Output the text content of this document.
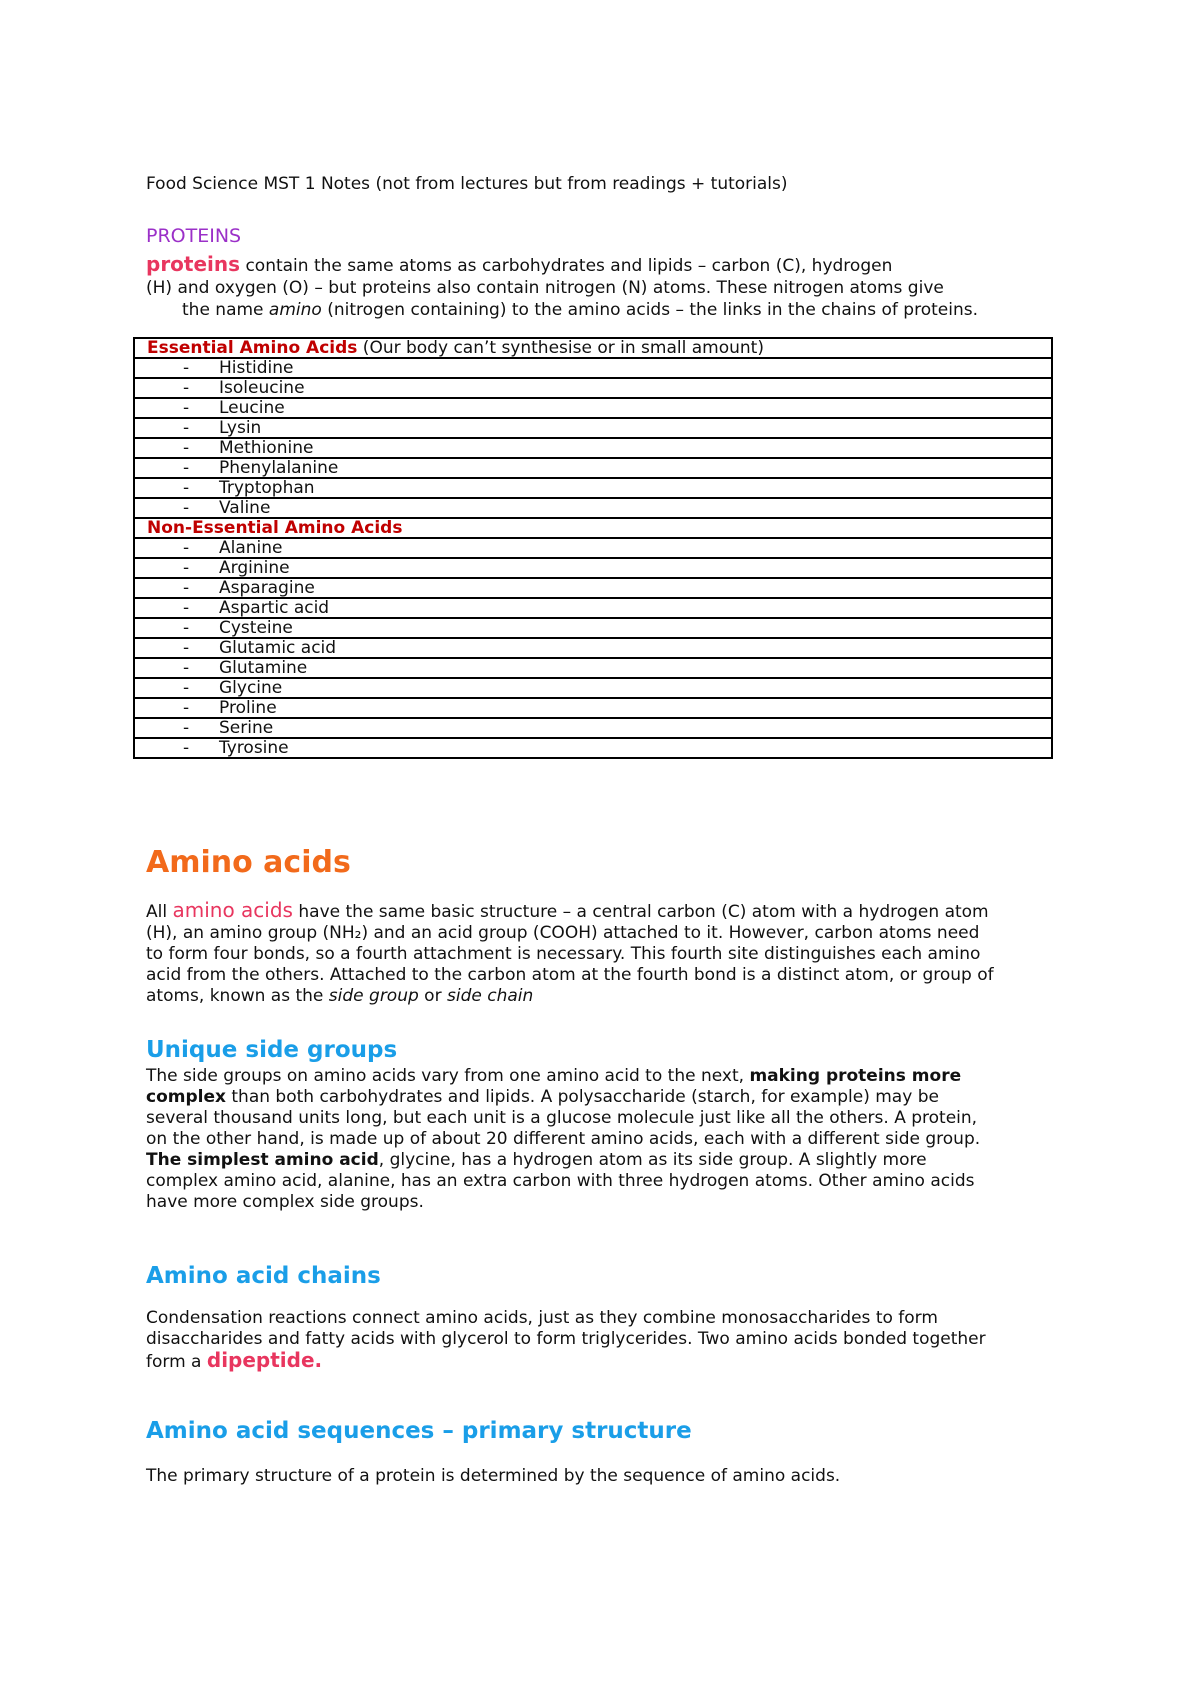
Food Science MST 1 Notes (not from lectures but from readings + tutorials)
PROTEINS
proteins contain the same atoms as carbohydrates and lipids – carbon (C), hydrogen
(H) and oxygen (O) – but proteins also contain nitrogen (N) atoms. These nitrogen atoms give
the name amino (nitrogen containing) to the amino acids – the links in the chains of proteins.
Essential Amino Acids (Our body can’t synthesise or in small amount)
- Histidine
- Isoleucine
- Leucine
- Lysin
- Methionine
- Phenylalanine
- Tryptophan
- Valine
Non-Essential Amino Acids
- Alanine
- Arginine
- Asparagine
- Aspartic acid
- Cysteine
- Glutamic acid
- Glutamine
- Glycine
- Proline
- Serine
- Tyrosine
Amino acids
All amino acids have the same basic structure – a central carbon (C) atom with a hydrogen atom
(H), an amino group (NH₂) and an acid group (COOH) attached to it. However, carbon atoms need
to form four bonds, so a fourth attachment is necessary. This fourth site distinguishes each amino
acid from the others. Attached to the carbon atom at the fourth bond is a distinct atom, or group of
atoms, known as the side group or side chain
Unique side groups
The side groups on amino acids vary from one amino acid to the next, making proteins more
complex than both carbohydrates and lipids. A polysaccharide (starch, for example) may be
several thousand units long, but each unit is a glucose molecule just like all the others. A protein,
on the other hand, is made up of about 20 different amino acids, each with a different side group.
The simplest amino acid, glycine, has a hydrogen atom as its side group. A slightly more
complex amino acid, alanine, has an extra carbon with three hydrogen atoms. Other amino acids
have more complex side groups.
Amino acid chains
Condensation reactions connect amino acids, just as they combine monosaccharides to form
disaccharides and fatty acids with glycerol to form triglycerides. Two amino acids bonded together
form a dipeptide.
Amino acid sequences – primary structure
The primary structure of a protein is determined by the sequence of amino acids.
